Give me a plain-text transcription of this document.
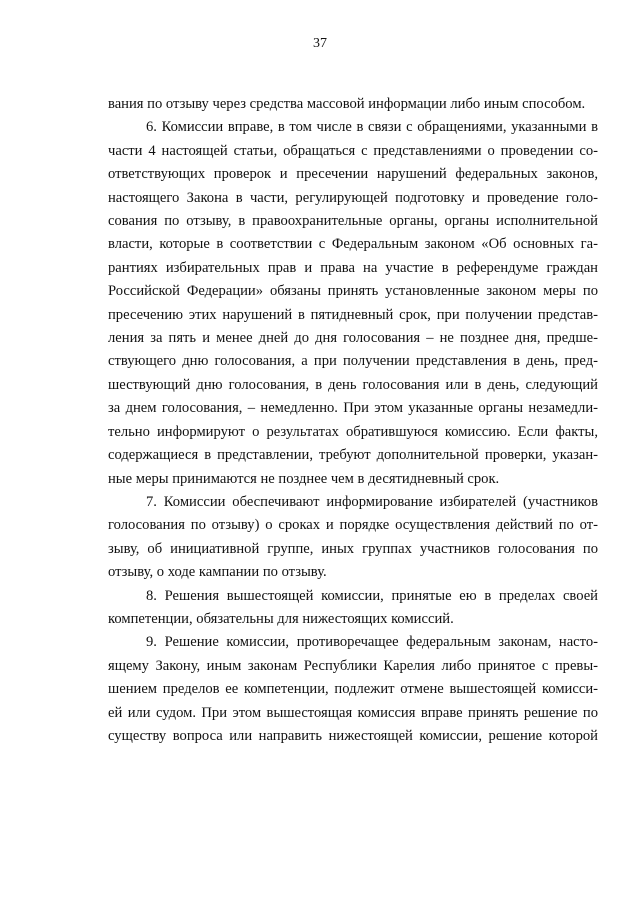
37
вания по отзыву через средства массовой информации либо иным способом.
6. Комиссии вправе, в том числе в связи с обращениями, указанными в
части 4 настоящей статьи, обращаться с представлениями о проведении со-
ответствующих проверок и пресечении нарушений федеральных законов,
настоящего Закона в части, регулирующей подготовку и проведение голо-
сования по отзыву, в правоохранительные органы, органы исполнительной
власти, которые в соответствии с Федеральным законом «Об основных га-
рантиях избирательных прав и права на участие в референдуме граждан
Российской Федерации» обязаны принять установленные законом меры по
пресечению этих нарушений в пятидневный срок, при получении представ-
ления за пять и менее дней до дня голосования – не позднее дня, предше-
ствующего дню голосования, а при получении представления в день, пред-
шествующий дню голосования, в день голосования или в день, следующий
за днем голосования, – немедленно. При этом указанные органы незамедли-
тельно информируют о результатах обратившуюся комиссию. Если факты,
содержащиеся в представлении, требуют дополнительной проверки, указан-
ные меры принимаются не позднее чем в десятидневный срок.
7. Комиссии обеспечивают информирование избирателей (участников
голосования по отзыву) о сроках и порядке осуществления действий по от-
зыву, об инициативной группе, иных группах участников голосования по
отзыву, о ходе кампании по отзыву.
8. Решения вышестоящей комиссии, принятые ею в пределах своей
компетенции, обязательны для нижестоящих комиссий.
9. Решение комиссии, противоречащее федеральным законам, насто-
ящему Закону, иным законам Республики Карелия либо принятое с превы-
шением пределов ее компетенции, подлежит отмене вышестоящей комисси-
ей или судом. При этом вышестоящая комиссия вправе принять решение по
существу вопроса или направить нижестоящей комиссии, решение которой
